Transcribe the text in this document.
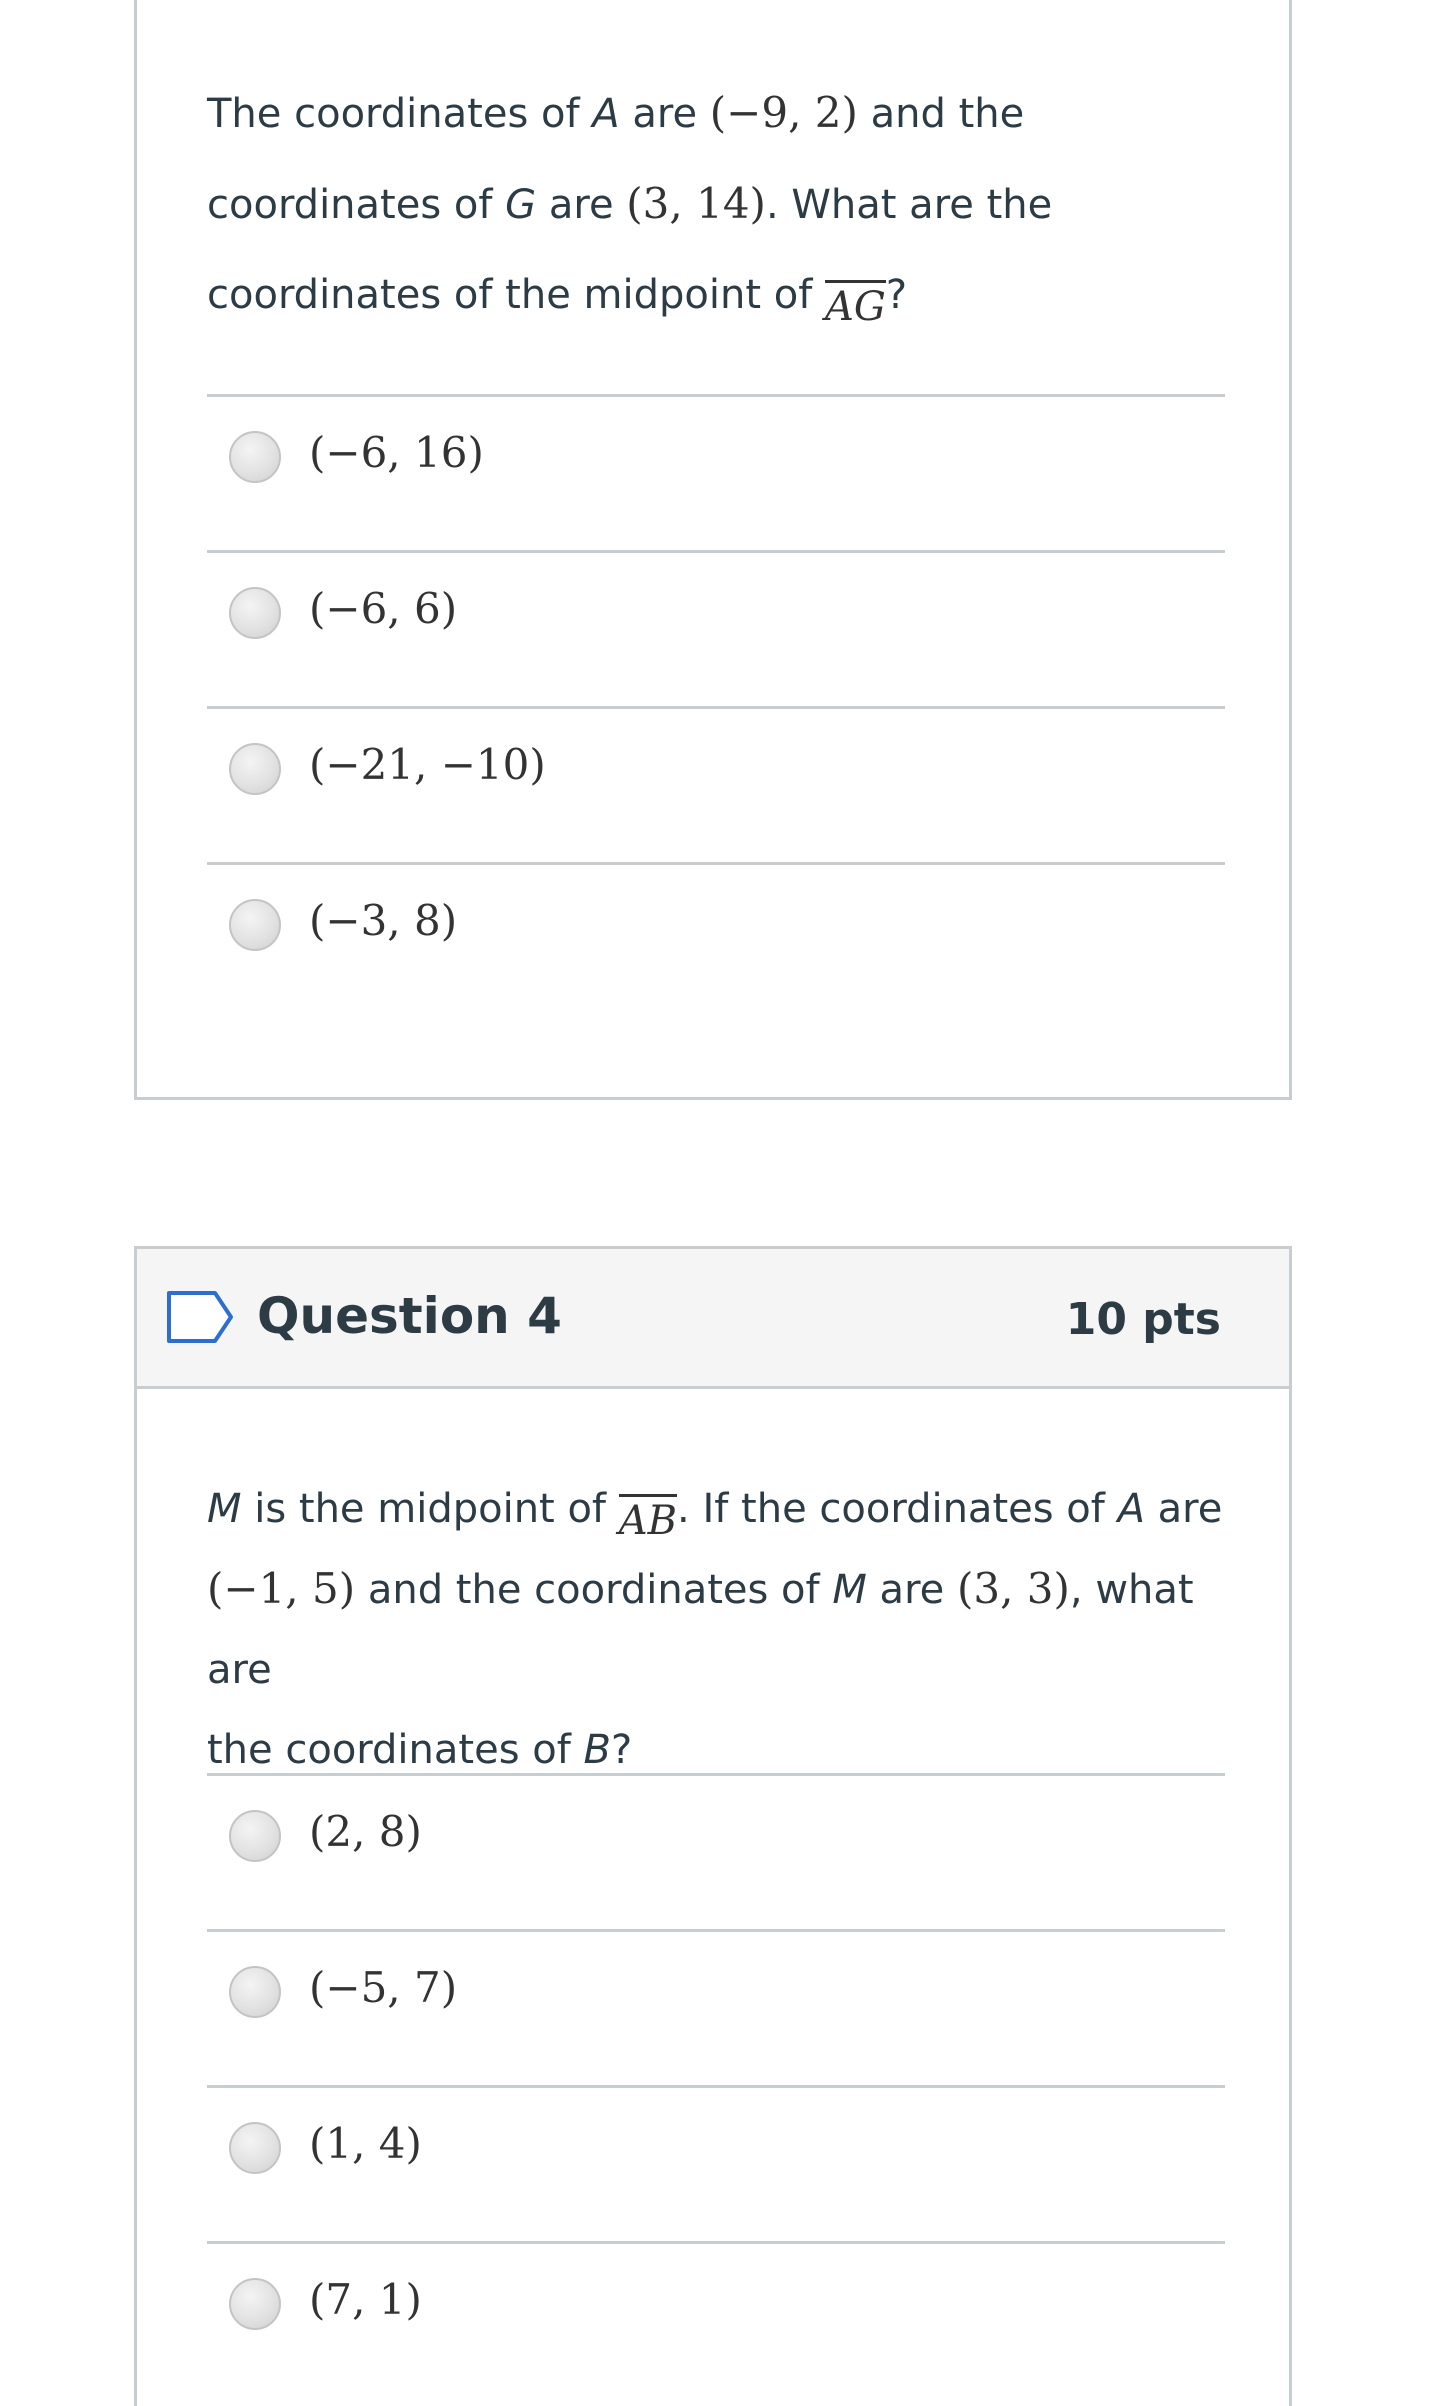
The coordinates of A are (−9, 2) and the
coordinates of G are (3, 14). What are the
coordinates of the midpoint of AG?
(−6, 16)
(−6, 6)
(−21, −10)
(−3, 8)
Question 4	10 pts
M is the midpoint of AB. If the coordinates of A are
(−1, 5) and the coordinates of M are (3, 3), what are
the coordinates of B?
(2, 8)
(−5, 7)
(1, 4)
(7, 1)
